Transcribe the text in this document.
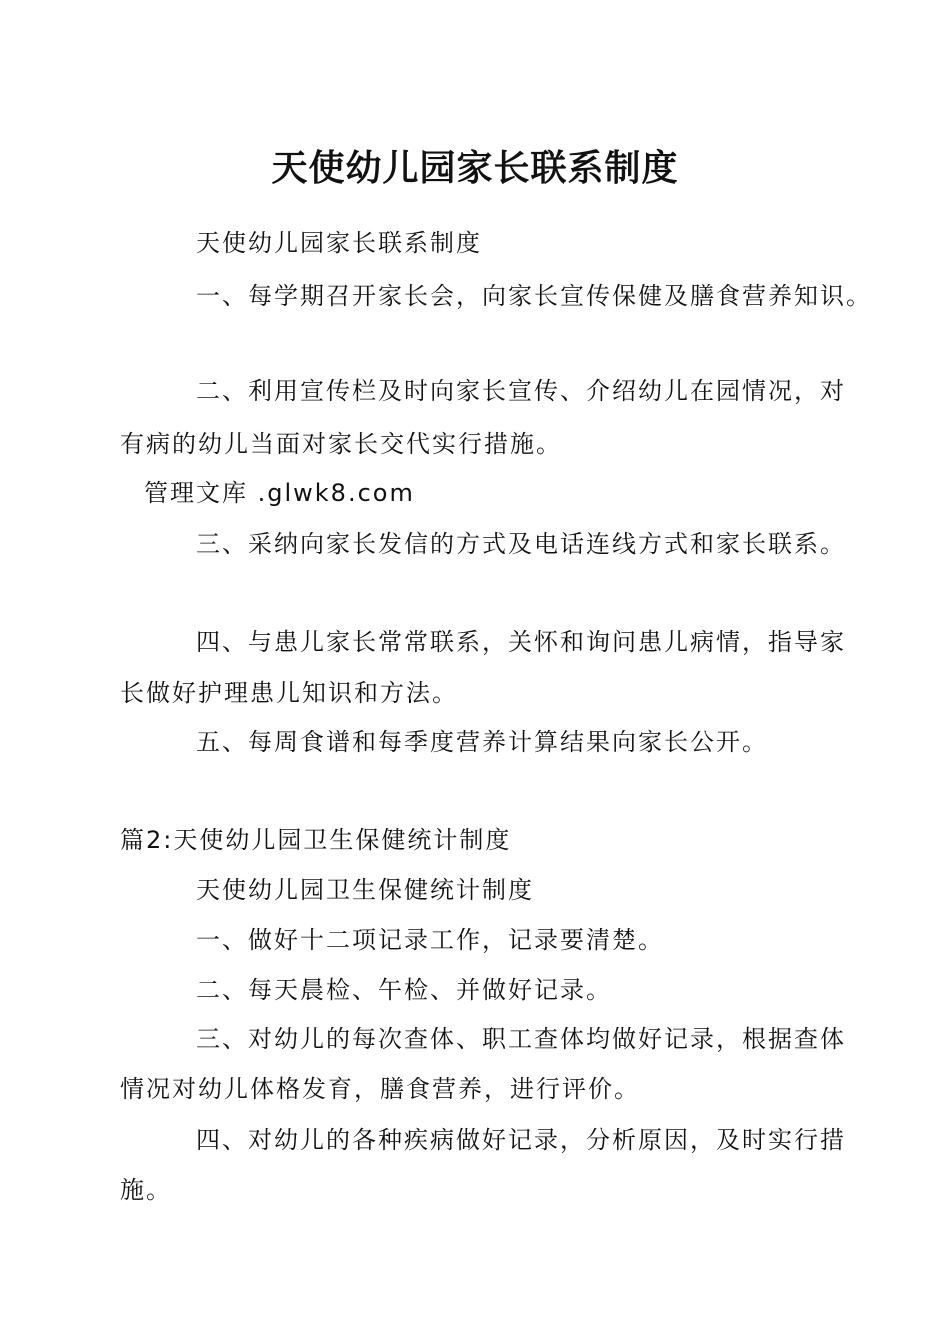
天使幼儿园家长联系制度
天使幼儿园家长联系制度
一、每学期召开家长会，向家长宣传保健及膳食营养知识。
二、利用宣传栏及时向家长宣传、介绍幼儿在园情况，对
有病的幼儿当面对家长交代实行措施。
管理文库 .glwk8.com
三、采纳向家长发信的方式及电话连线方式和家长联系。
四、与患儿家长常常联系，关怀和询问患儿病情，指导家
长做好护理患儿知识和方法。
五、每周食谱和每季度营养计算结果向家长公开。
篇2:天使幼儿园卫生保健统计制度
天使幼儿园卫生保健统计制度
一、做好十二项记录工作，记录要清楚。
二、每天晨检、午检、并做好记录。
三、对幼儿的每次查体、职工查体均做好记录，根据查体
情况对幼儿体格发育，膳食营养，进行评价。
四、对幼儿的各种疾病做好记录，分析原因，及时实行措
施。
